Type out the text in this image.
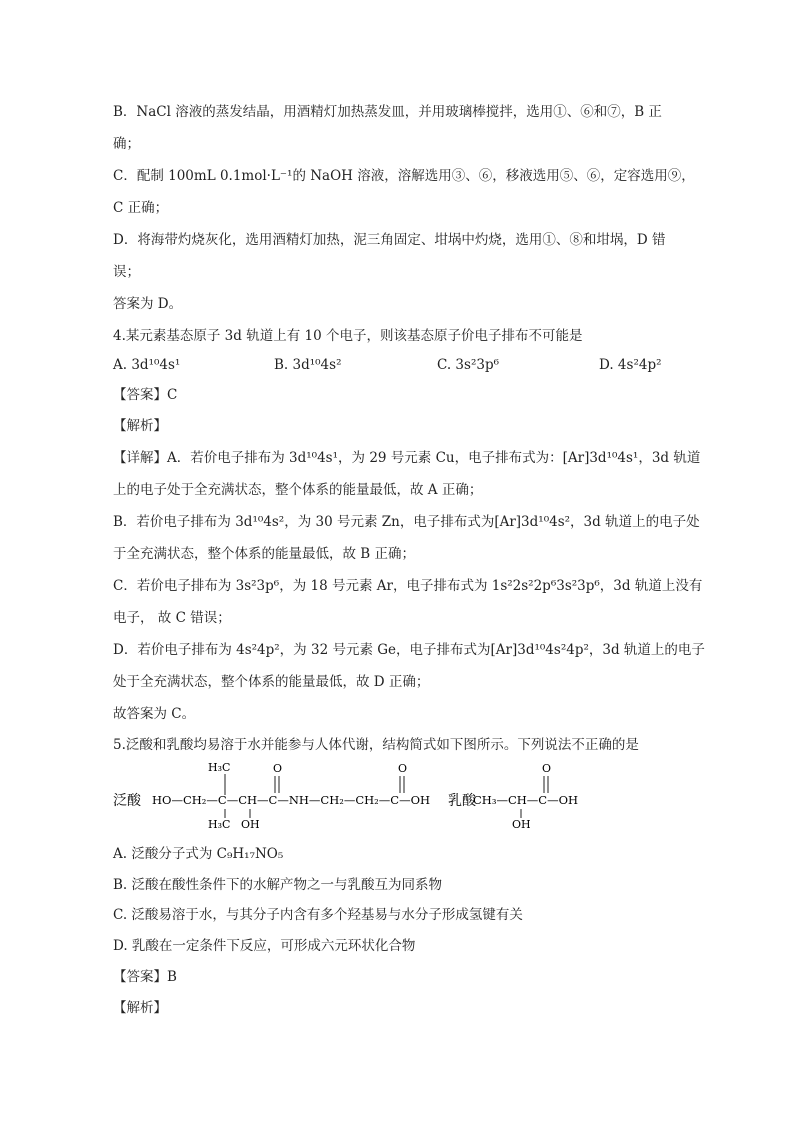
B．NaCl 溶液的蒸发结晶，用酒精灯加热蒸发皿，并用玻璃棒搅拌，选用①、⑥和⑦，B 正
确；
C．配制 100mL 0.1mol·L⁻¹的 NaOH 溶液，溶解选用③、⑥，移液选用⑤、⑥，定容选用⑨，
C 正确；
D．将海带灼烧灰化，选用酒精灯加热，泥三角固定、坩埚中灼烧，选用①、⑧和坩埚，D 错
误；
答案为 D。
4.某元素基态原子 3d 轨道上有 10 个电子，则该基态原子价电子排布不可能是
A. 3d¹⁰4s¹	B. 3d¹⁰4s²	C. 3s²3p⁶	D. 4s²4p²
【答案】C
【解析】
【详解】A．若价电子排布为 3d¹⁰4s¹，为 29 号元素 Cu，电子排布式为：[Ar]3d¹⁰4s¹，3d 轨道
上的电子处于全充满状态，整个体系的能量最低，故 A 正确；
B．若价电子排布为 3d¹⁰4s²，为 30 号元素 Zn，电子排布式为[Ar]3d¹⁰4s²，3d 轨道上的电子处
于全充满状态，整个体系的能量最低，故 B 正确；
C．若价电子排布为 3s²3p⁶，为 18 号元素 Ar，电子排布式为 1s²2s²2p⁶3s²3p⁶，3d 轨道上没有
电子， 故 C 错误；
D．若价电子排布为 4s²4p²，为 32 号元素 Ge，电子排布式为[Ar]3d¹⁰4s²4p²，3d 轨道上的电子
处于全充满状态，整个体系的能量最低，故 D 正确；
故答案为 C。
5.泛酸和乳酸均易溶于水并能参与人体代谢，结构简式如下图所示。下列说法不正确的是
泛酸
H₃C
H₃C
O
OH
O
HO—CH₂—C—CH—C—NH—CH₂—CH₂—C—OH 乳酸
O
OH
CH₃—CH—C—OH
A. 泛酸分子式为 C₉H₁₇NO₅
B. 泛酸在酸性条件下的水解产物之一与乳酸互为同系物
C. 泛酸易溶于水，与其分子内含有多个羟基易与水分子形成氢键有关
D. 乳酸在一定条件下反应，可形成六元环状化合物
【答案】B
【解析】
